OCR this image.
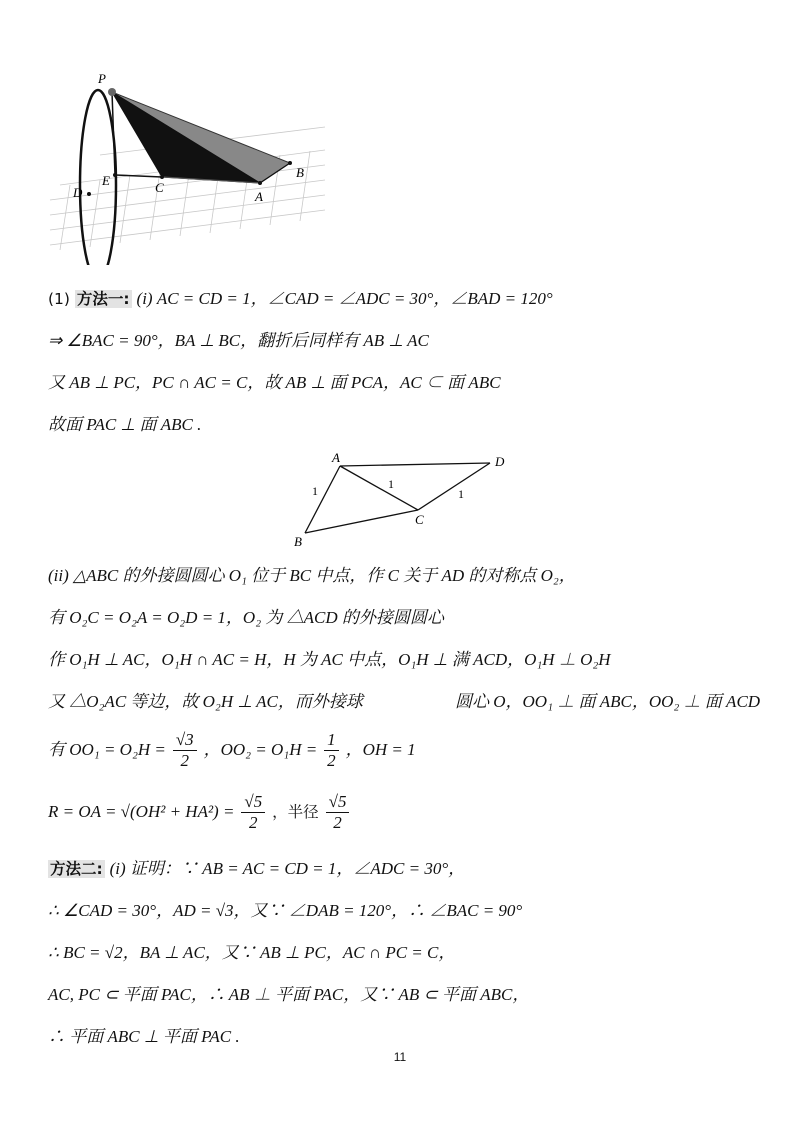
P
D
E	C
A
B
(1) 方法一: (i) AC = CD = 1，∠CAD = ∠ADC = 30°，∠BAD = 120°
⇒ ∠BAC = 90°，BA ⊥ BC，翻折后同样有 AB ⊥ AC
又 AB ⊥ PC，PC ∩ AC = C，故 AB ⊥ 面 PCA，AC ⊂ 面 ABC
故面 PAC ⊥ 面 ABC .
A	D
C
B
1	1
1
(ii) △ABC 的外接圆圆心 O₁ 位于 BC 中点，作 C 关于 AD 的对称点 O₂，
有 O₂C = O₂A = O₂D = 1，O₂ 为 △ACD 的外接圆圆心
作 O₁H ⊥ AC，O₁H ∩ AC = H，H 为 AC 中点，O₁H ⊥ 满 ACD，O₁H ⊥ O₂H
又 △O₂AC 等边，故 O₂H ⊥ AC，而外接球	圆心 O，OO₁ ⊥ 面 ABC，OO₂ ⊥ 面 ACD
有 $OO_1 = O_2H = \frac{√3}{2}$ ，$OO_2 = O_1H = \frac{1}{2}$ ，OH = 1
R = OA = $√(OH^2 + HA^2) = \frac{√5}{2}$ ，半径 $\frac{√5}{2}$
方法二: (i) 证明：∵ AB = AC = CD = 1，∠ADC = 30°，
∴ ∠CAD = 30°，AD = √3，又∵ ∠DAB = 120°，∴ ∠BAC = 90°
∴ BC = √2，BA ⊥ AC，又∵ AB ⊥ PC，AC ∩ PC = C，
AC, PC ⊂ 平面 PAC，∴ AB ⊥ 平面 PAC，又∵ AB ⊂ 平面 ABC，
∴ 平面 ABC ⊥ 平面 PAC .
11
